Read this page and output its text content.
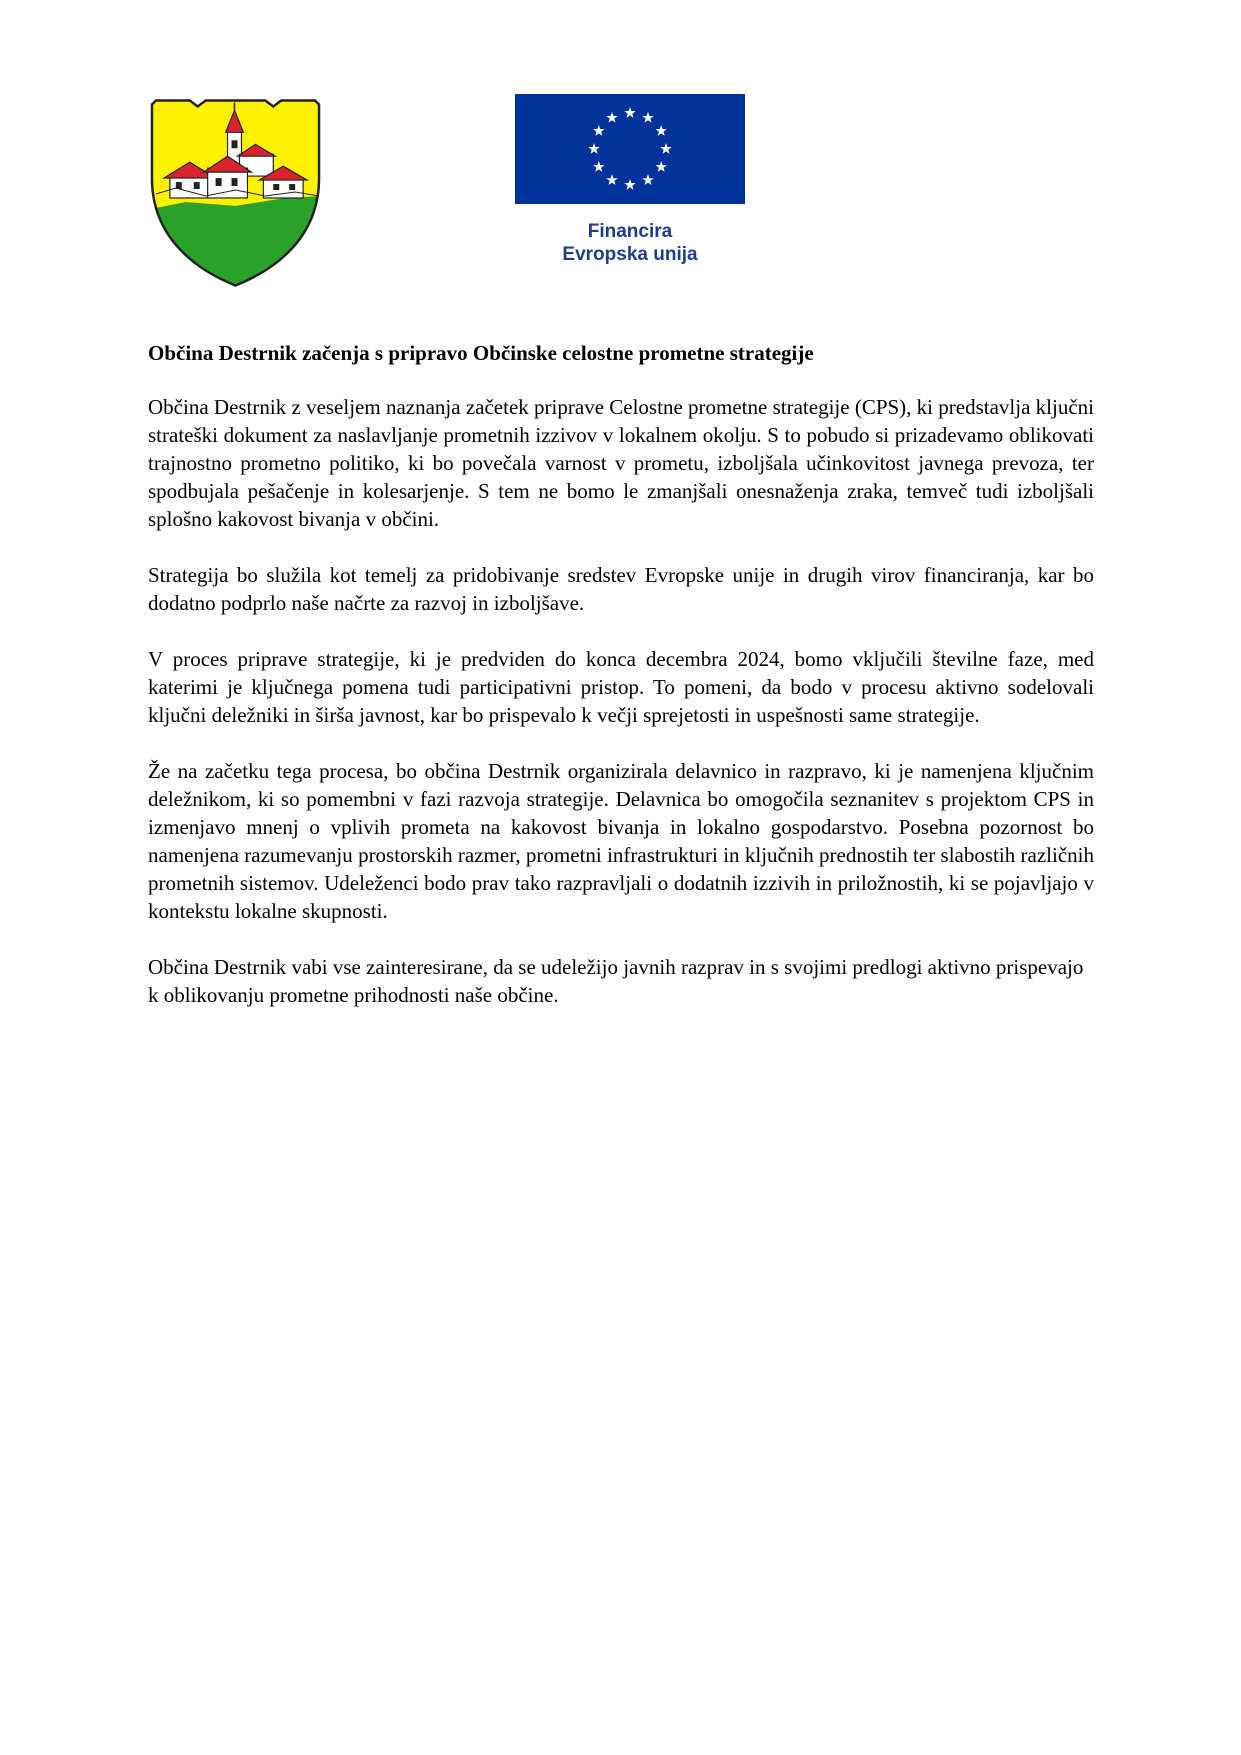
Financira
Evropska unija
Občina Destrnik začenja s pripravo Občinske celostne prometne strategije

Občina Destrnik z veseljem naznanja začetek priprave Celostne prometne strategije (CPS), ki predstavlja ključni strateški dokument za naslavljanje prometnih izzivov v lokalnem okolju. S to pobudo si prizadevamo oblikovati trajnostno prometno politiko, ki bo povečala varnost v prometu, izboljšala učinkovitost javnega prevoza, ter spodbujala pešačenje in kolesarjenje. S tem ne bomo le zmanjšali onesnaženja zraka, temveč tudi izboljšali splošno kakovost bivanja v občini.

Strategija bo služila kot temelj za pridobivanje sredstev Evropske unije in drugih virov financiranja, kar bo dodatno podprlo naše načrte za razvoj in izboljšave.

V proces priprave strategije, ki je predviden do konca decembra 2024, bomo vključili številne faze, med katerimi je ključnega pomena tudi participativni pristop. To pomeni, da bodo v procesu aktivno sodelovali ključni deležniki in širša javnost, kar bo prispevalo k večji sprejetosti in uspešnosti same strategije.

Že na začetku tega procesa, bo občina Destrnik organizirala delavnico in razpravo, ki je namenjena ključnim deležnikom, ki so pomembni v fazi razvoja strategije. Delavnica bo omogočila seznanitev s projektom CPS in izmenjavo mnenj o vplivih prometa na kakovost bivanja in lokalno gospodarstvo. Posebna pozornost bo namenjena razumevanju prostorskih razmer, prometni infrastrukturi in ključnih prednostih ter slabostih različnih prometnih sistemov. Udeleženci bodo prav tako razpravljali o dodatnih izzivih in priložnostih, ki se pojavljajo v kontekstu lokalne skupnosti.

Občina Destrnik vabi vse zainteresirane, da se udeležijo javnih razprav in s svojimi predlogi aktivno prispevajo k oblikovanju prometne prihodnosti naše občine.
